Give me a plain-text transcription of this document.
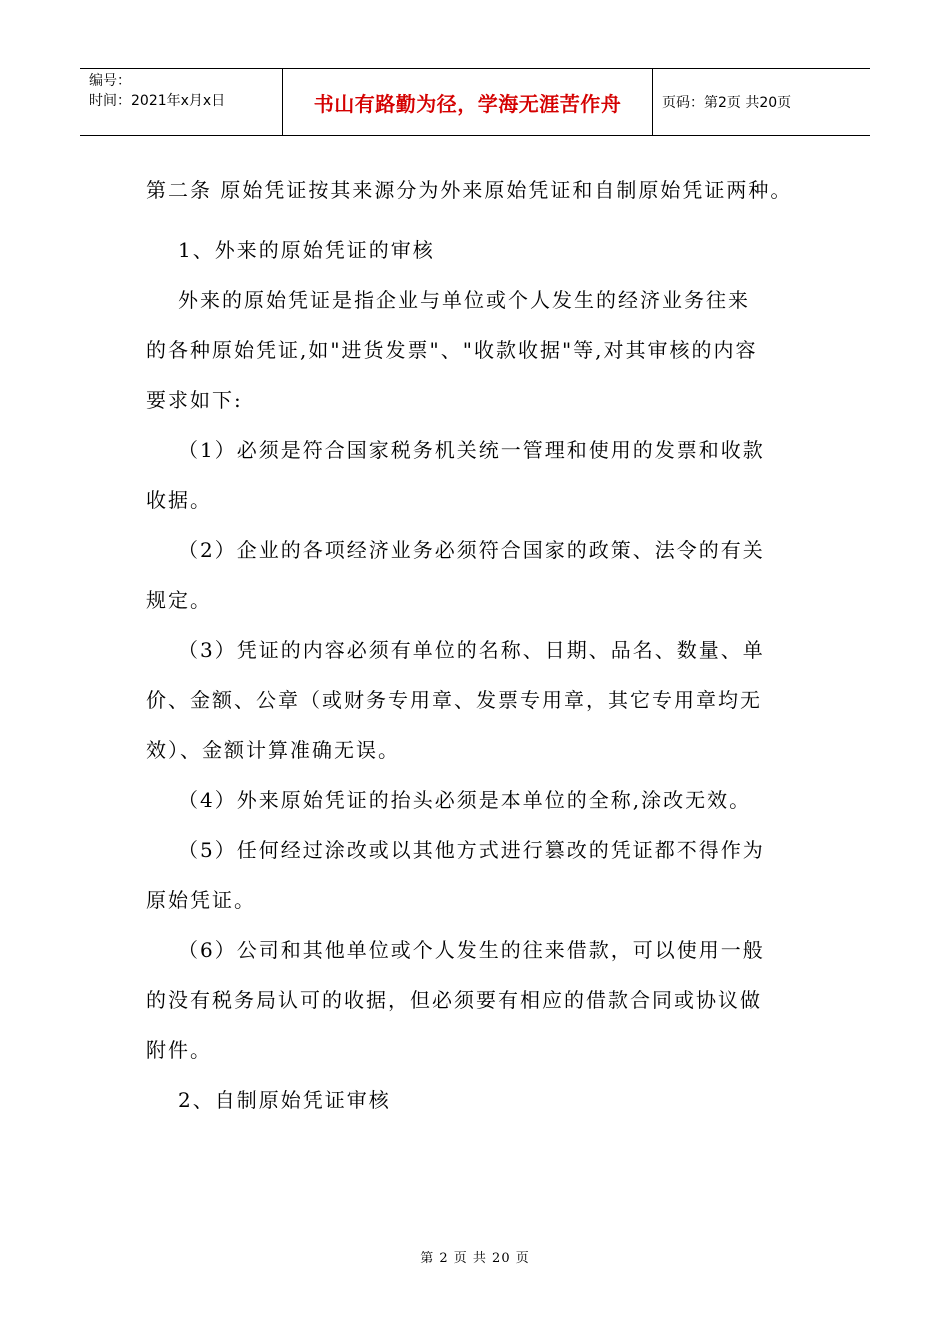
编号：
时间：2021年x月x日	书山有路勤为径，学海无涯苦作舟	页码：第2页 共20页

第二条 原始凭证按其来源分为外来原始凭证和自制原始凭证两种。

1、外来的原始凭证的审核

外来的原始凭证是指企业与单位或个人发生的经济业务往来

的各种原始凭证,如"进货发票"、"收款收据"等,对其审核的内容

要求如下:

（1）必须是符合国家税务机关统一管理和使用的发票和收款

收据。

（2）企业的各项经济业务必须符合国家的政策、法令的有关

规定。

（3）凭证的内容必须有单位的名称、日期、品名、数量、单

价、金额、公章（或财务专用章、发票专用章，其它专用章均无

效）、金额计算准确无误。

（4）外来原始凭证的抬头必须是本单位的全称,涂改无效。

（5）任何经过涂改或以其他方式进行篡改的凭证都不得作为

原始凭证。

（6）公司和其他单位或个人发生的往来借款，可以使用一般

的没有税务局认可的收据，但必须要有相应的借款合同或协议做

附件。

2、自制原始凭证审核

第 2 页 共 20 页
